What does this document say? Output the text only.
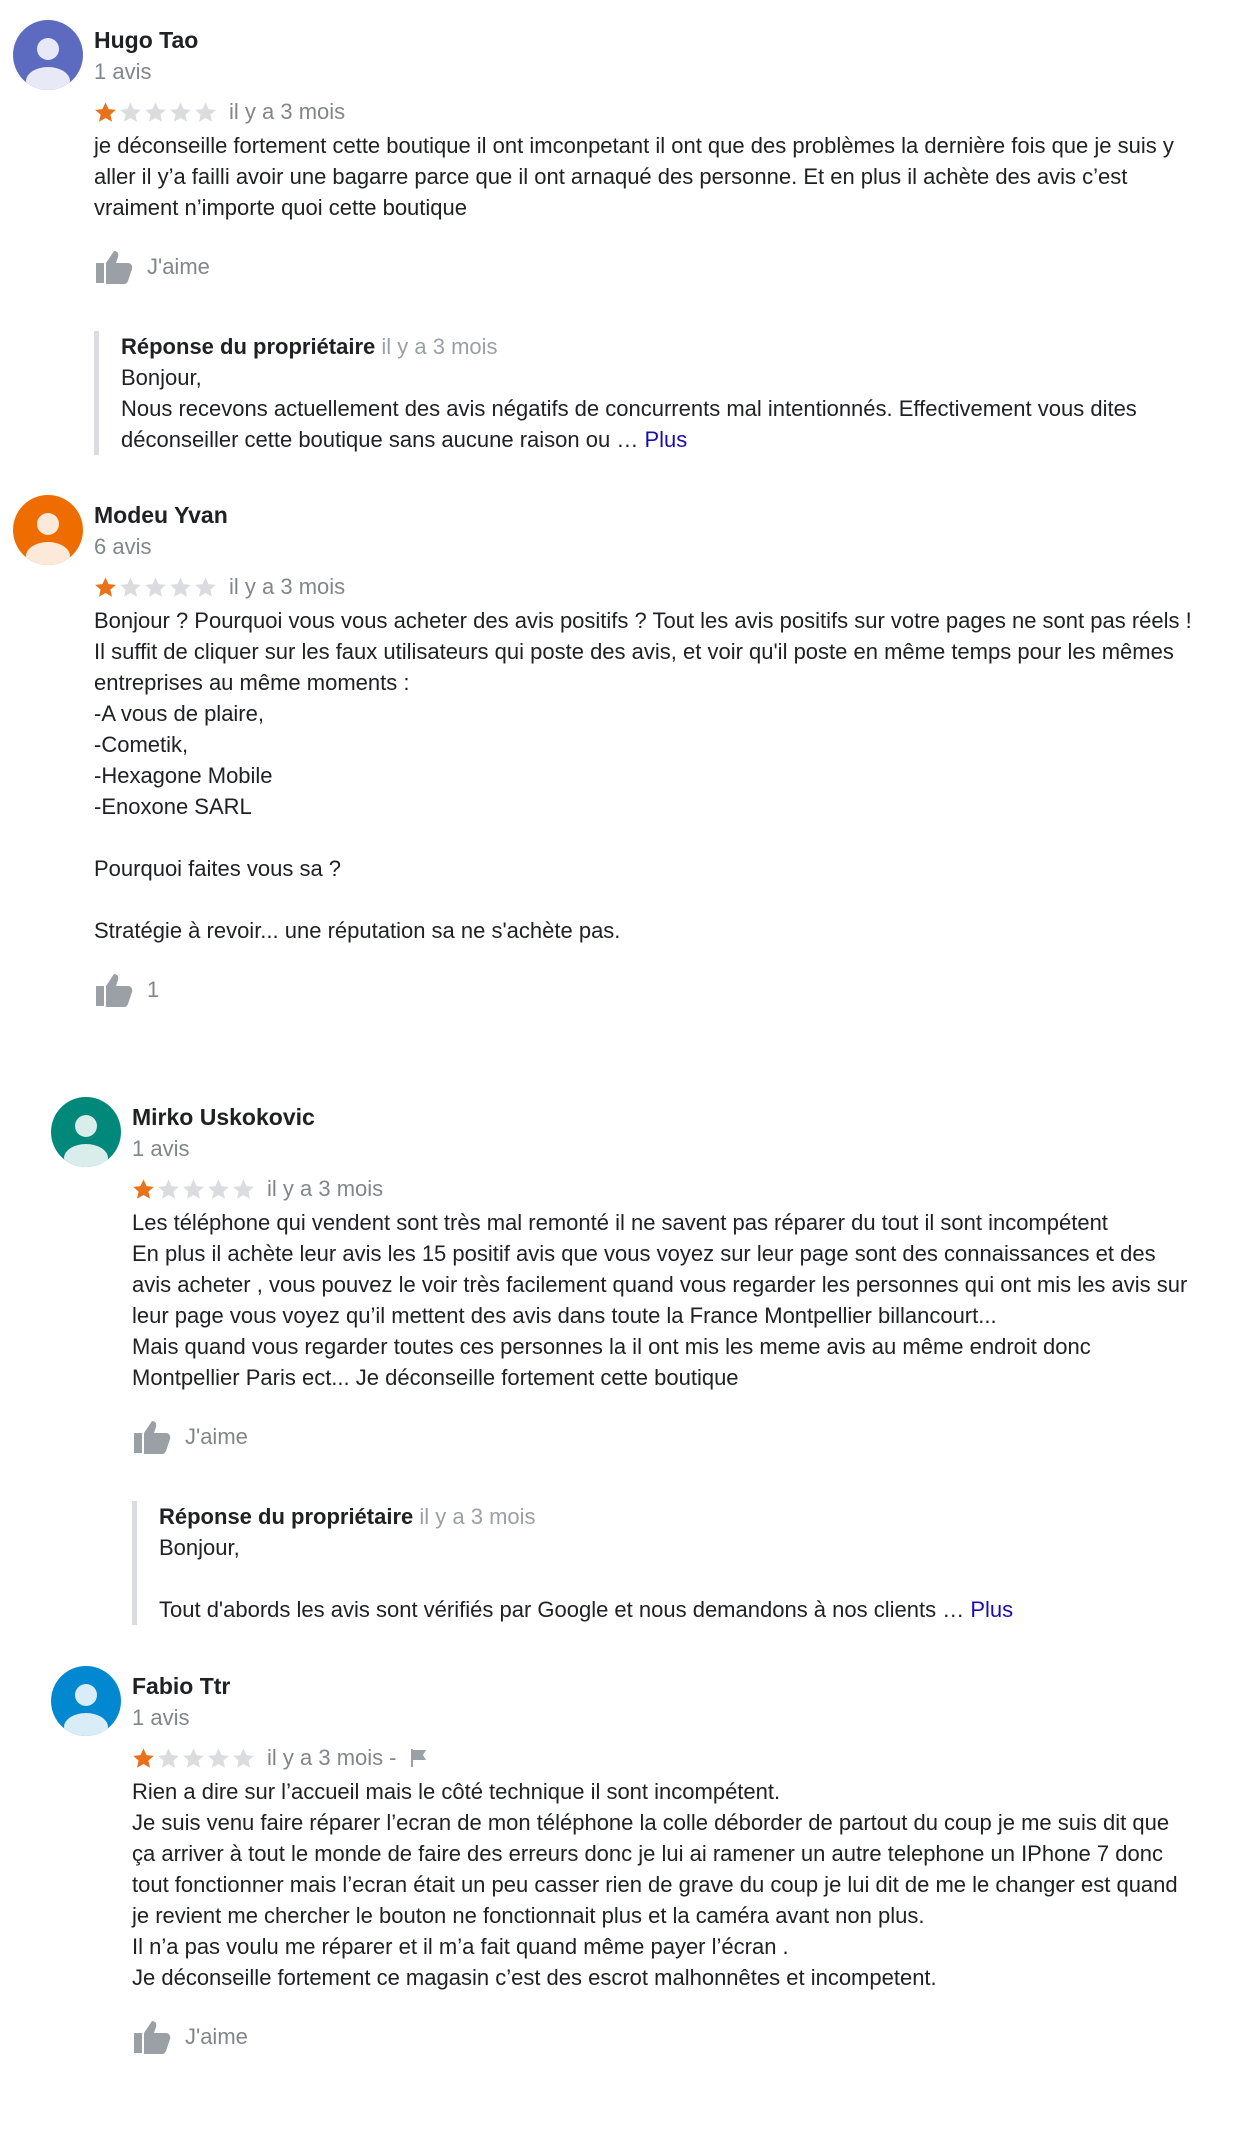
Hugo Tao
1 avis
il y a 3 mois
je déconseille fortement cette boutique il ont imconpetant il ont que des problèmes la dernière fois que je suis y aller il y’a failli avoir une bagarre parce que il ont arnaqué des personne. Et en plus il achète des avis c’est vraiment n’importe quoi cette boutique
J'aime
Réponse du propriétaire il y a 3 mois
Bonjour,
Nous recevons actuellement des avis négatifs de concurrents mal intentionnés. Effectivement vous dites déconseiller cette boutique sans aucune raison ou … Plus
Modeu Yvan
6 avis
il y a 3 mois
Bonjour ? Pourquoi vous vous acheter des avis positifs ? Tout les avis positifs sur votre pages ne sont pas réels !
Il suffit de cliquer sur les faux utilisateurs qui poste des avis, et voir qu'il poste en même temps pour les mêmes entreprises au même moments :
-A vous de plaire,
-Cometik,
-Hexagone Mobile
-Enoxone SARL

Pourquoi faites vous sa ?

Stratégie à revoir... une réputation sa ne s'achète pas.
1
Mirko Uskokovic
1 avis
il y a 3 mois
Les téléphone qui vendent sont très mal remonté il ne savent pas réparer du tout il sont incompétent
En plus il achète leur avis les 15 positif avis que vous voyez sur leur page sont des connaissances et des avis acheter , vous pouvez le voir très facilement quand vous regarder les personnes qui ont mis les avis sur leur page vous voyez qu’il mettent des avis dans toute la France Montpellier billancourt...
Mais quand vous regarder toutes ces personnes la il ont mis les meme avis au même endroit donc Montpellier Paris ect... Je déconseille fortement cette boutique
J'aime
Réponse du propriétaire il y a 3 mois
Bonjour,

Tout d'abords les avis sont vérifiés par Google et nous demandons à nos clients … Plus
Fabio Ttr
1 avis
il y a 3 mois -
Rien a dire sur l’accueil mais le côté technique il sont incompétent.
Je suis venu faire réparer l’ecran de mon téléphone la colle déborder de partout du coup je me suis dit que ça arriver à tout le monde de faire des erreurs donc je lui ai ramener un autre telephone un IPhone 7 donc tout fonctionner mais l’ecran était un peu casser rien de grave du coup je lui dit de me le changer est quand je revient me chercher le bouton ne fonctionnait plus et la caméra avant non plus.
Il n’a pas voulu me réparer et il m’a fait quand même payer l’écran .
Je déconseille fortement ce magasin c’est des escrot malhonnêtes et incompetent.
J'aime
